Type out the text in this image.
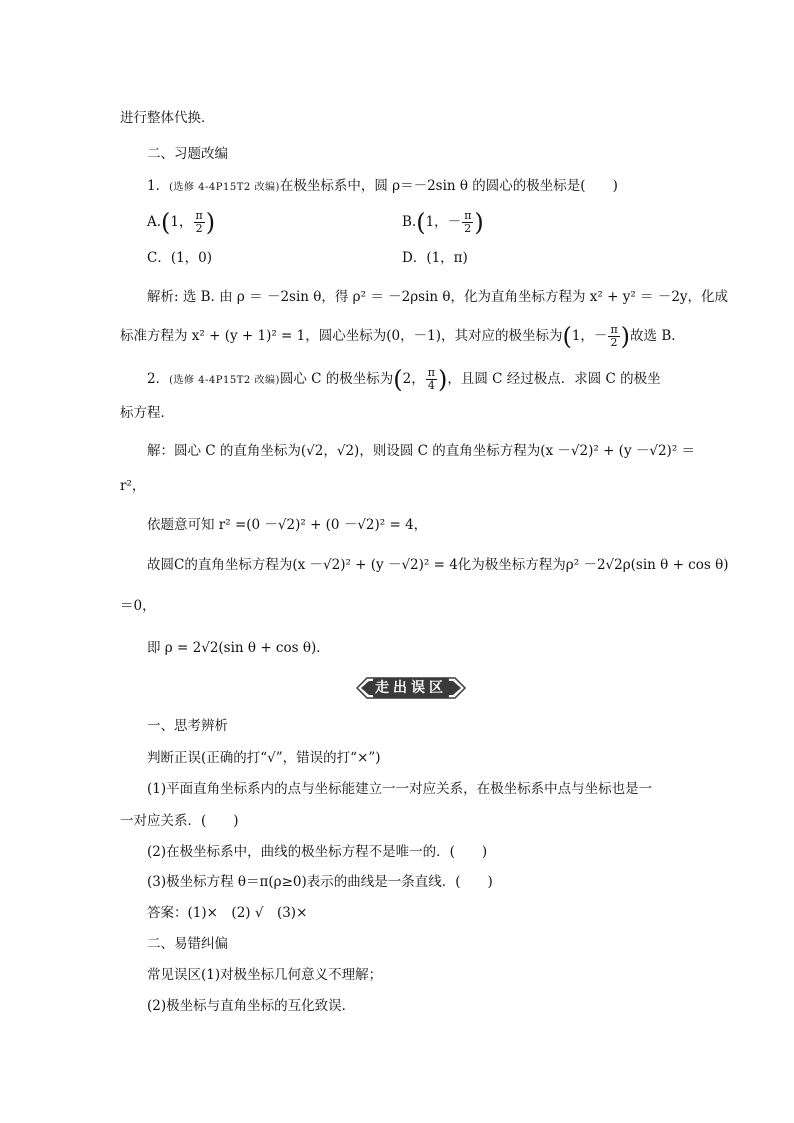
进行整体代换．
二、习题改编
1．(选修 4-4P15T2 改编)在极坐标系中，圆 ρ＝－2sin θ 的圆心的极坐标是(　　)
A.(1， $\frac{\pi}{2}$ )	B.(1，－ $\frac{\pi}{2}$ )
C．(1，0)	D．(1，π)
解析: 选 B. 由 ρ ＝ －2sin θ，得 ρ² ＝ －2ρsin θ，化为直角坐标方程为 x² + y² ＝ －2y，化成
标准方程为 x² + (y + 1)² = 1，圆心坐标为(0，－1)，其对应的极坐标为(1，－ $\frac{\pi}{2}$ )故选 B.
2．(选修 4-4P15T2 改编)圆心 C 的极坐标为(2， $\frac{\pi}{4}$ )，且圆 C 经过极点．求圆 C 的极坐
标方程．
解：圆心 C 的直角坐标为(√2，√2)，则设圆 C 的直角坐标方程为(x －√2)² + (y －√2)² ＝
r²，
依题意可知 r² =(0 －√2)² + (0 －√2)² = 4，
故圆C的直角坐标方程为(x －√2)² + (y －√2)² = 4化为极坐标方程为ρ² －2√2ρ(sin θ + cos θ)
＝0，
即 ρ = 2√2(sin θ + cos θ)．
走出误区
一、思考辨析
判断正误(正确的打“√”，错误的打“×”)
(1)平面直角坐标系内的点与坐标能建立一一对应关系，在极坐标系中点与坐标也是一
一对应关系．(　　)
(2)在极坐标系中，曲线的极坐标方程不是唯一的．(　　)
(3)极坐标方程 θ＝π(ρ≥0)表示的曲线是一条直线．(　　)
答案：(1)×　(2) √　(3)×
二、易错纠偏
常见误区(1)对极坐标几何意义不理解；
(2)极坐标与直角坐标的互化致误．
